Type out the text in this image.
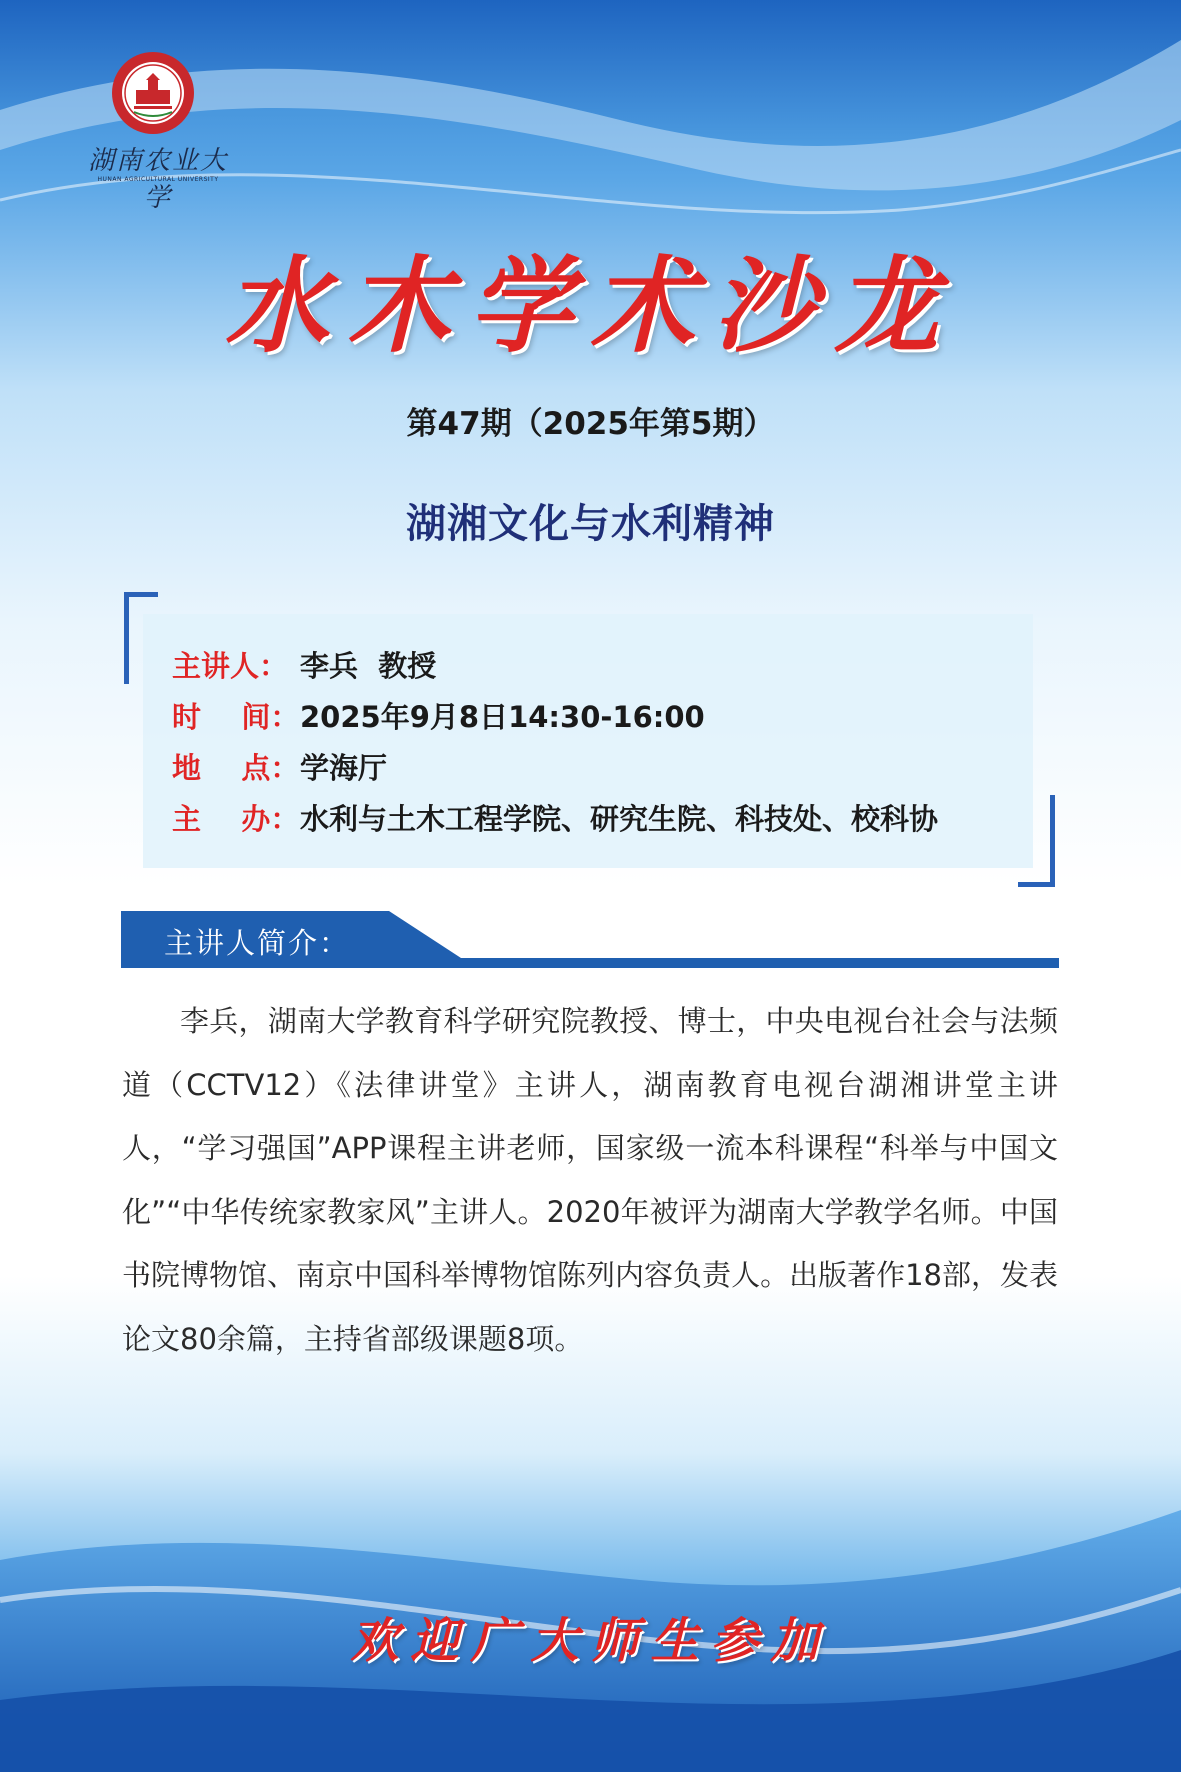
湖南农业大学
HUNAN AGRICULTURAL UNIVERSITY
水木学术沙龙
第47期（2025年第5期）
湖湘文化与水利精神
主讲人： 李兵  教授
时    间： 2025年9月8日14:30-16:00
地    点： 学海厅
主    办： 水利与土木工程学院、研究生院、科技处、校科协
主讲人简介：

李兵，湖南大学教育科学研究院教授、博士，中央电视台社会与法频道（CCTV12）《法律讲堂》主讲人，湖南教育电视台湖湘讲堂主讲人，“学习强国”APP课程主讲老师，国家级一流本科课程“科举与中国文化”“中华传统家教家风”主讲人。2020年被评为湖南大学教学名师。中国书院博物馆、南京中国科举博物馆陈列内容负责人。出版著作18部，发表论文80余篇，主持省部级课题8项。

欢迎广大师生参加
